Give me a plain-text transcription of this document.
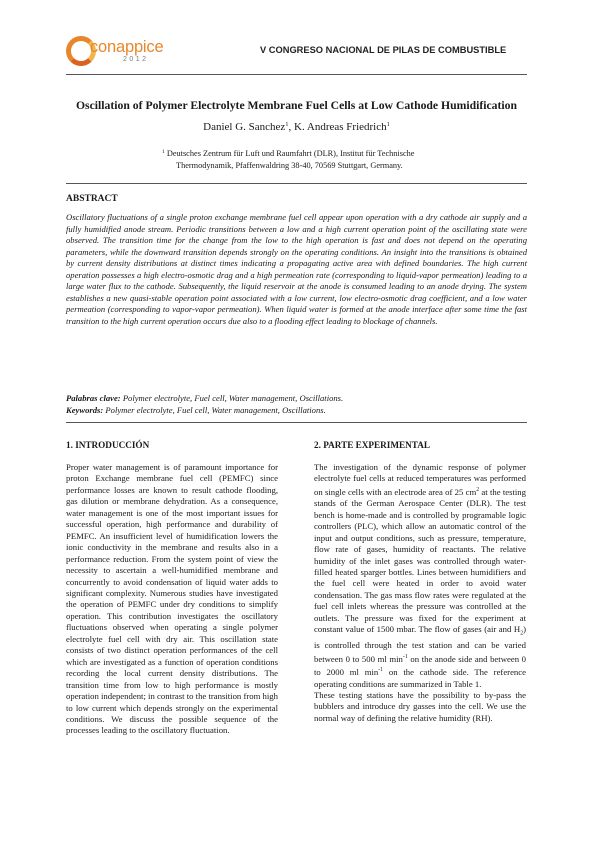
conappice
2012
V CONGRESO NACIONAL DE PILAS DE COMBUSTIBLE
Oscillation of Polymer Electrolyte Membrane Fuel Cells at Low Cathode Humidification
Daniel G. Sanchez$^1$, K. Andreas Friedrich$^1$
$^1$ Deutsches Zentrum für Luft und Raumfahrt (DLR), Institut für Technische
Thermodynamik, Pfaffenwaldring 38-40, 70569 Stuttgart, Germany.
ABSTRACT
Oscillatory fluctuations of a single proton exchange membrane fuel cell appear upon operation with a dry cathode air supply and a fully humidified anode stream. Periodic transitions between a low and a high current operation point of the oscillating state were observed. The transition time for the change from the low to the high operation is fast and does not depend on the operating parameters, while the downward transition depends strongly on the operating conditions. An insight into the transitions is obtained by current density distributions at distinct times indicating a propagating active area with defined boundaries. The high current operation possesses a high electro-osmotic drag and a high permeation rate (corresponding to liquid-vapor permeation) leading to a large water flux to the cathode. Subsequently, the liquid reservoir at the anode is consumed leading to an anode drying. The system establishes a new quasi-stable operation point associated with a low current, low electro-osmotic drag coefficient, and a low water permeation (corresponding to vapor-vapor permeation). When liquid water is formed at the anode interface after some time the fast transition to the high current operation occurs due also to a flooding effect leading to blockage of channels.
Palabras clave: Polymer electrolyte, Fuel cell, Water management, Oscillations.
Keywords: Polymer electrolyte, Fuel cell, Water management, Oscillations.
1. INTRODUCCIÓN

Proper water management is of paramount importance for proton Exchange membrane fuel cell (PEMFC) since performance losses are known to result cathode flooding, gas dilution or membrane dehydration. As a consequence, water management is one of the most important issues for successful operation, high performance and durability of PEMFC. An insufficient level of humidification lowers the ionic conductivity in the membrane and results also in a performance reduction. From the system point of view the necessity to ascertain a well-humidified membrane and concurrently to avoid condensation of liquid water adds to significant complexity. Numerous studies have investigated the operation of PEMFC under dry conditions to simplify operation. This contribution investigates the oscillatory fluctuations observed when operating a single polymer electrolyte fuel cell with dry air. This oscillation state consists of two distinct operation performances of the cell which are investigated as a function of operation conditions recording the local current density distributions. The transition time from low to high performance is mostly operation independent; in contrast to the transition from high to low current which depends strongly on the experimental conditions. We discuss the possible sequence of the processes leading to the oscillatory fluctuation.

2. PARTE EXPERIMENTAL

The investigation of the dynamic response of polymer electrolyte fuel cells at reduced temperatures was performed on single cells with an electrode area of 25 $cm^2$ at the testing stands of the German Aerospace Center (DLR). The test bench is home-made and is controlled by programable logic controllers (PLC), which allow an automatic control of the input and output conditions, such as pressure, temperature, flow rate of gases, humidity of reactants. The relative humidity of the inlet gases was controlled through water-filled heated sparger bottles. Lines between humidifiers and the fuel cell were heated in order to avoid water condensation. The gas mass flow rates were regulated at the fuel cell inlets whereas the pressure was controlled at the outlets. The pressure was fixed for the experiment at constant value of 1500 mbar. The flow of gases (air and $H_2$) is controlled through the test station and can be varied between 0 to 500 ml $\min^{-1}$ on the anode side and between 0 to 2000 ml $\min^{-1}$ on the cathode side. The reference operating conditions are summarized in Table 1.

These testing stations have the possibility to by-pass the bubblers and introduce dry gasses into the cell. We use the normal way of defining the relative humidity (RH).
